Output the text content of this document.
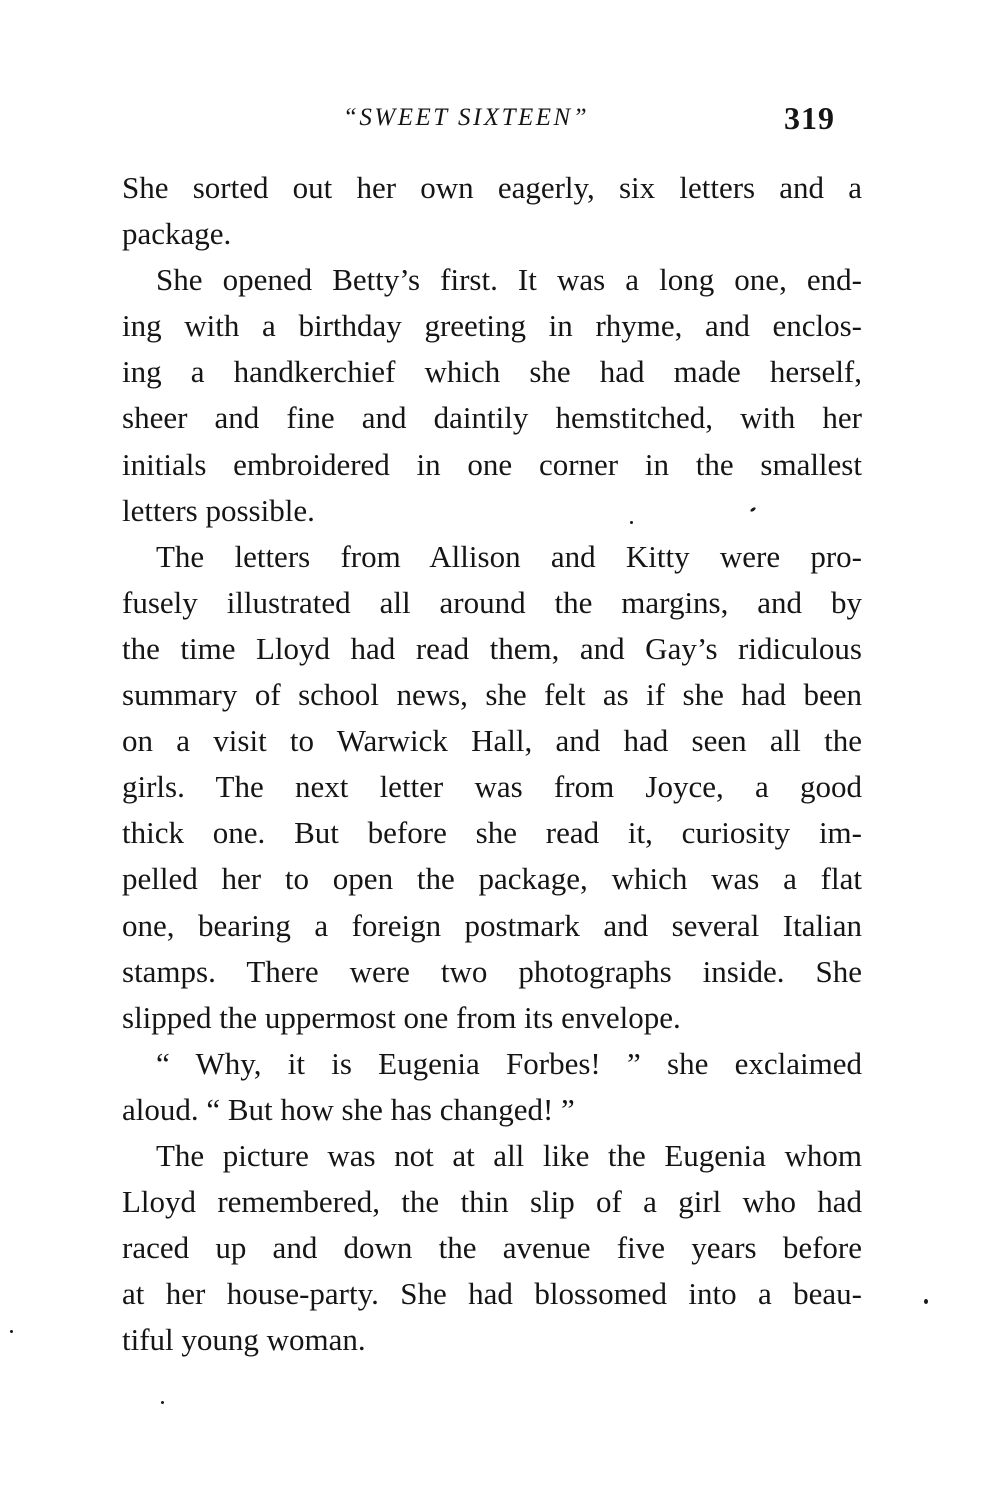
“SWEET SIXTEEN”	319
She sorted out her own eagerly, six letters and a
package.
She opened Betty’s first. It was a long one, end-
ing with a birthday greeting in rhyme, and enclos-
ing a handkerchief which she had made herself,
sheer and fine and daintily hemstitched, with her
initials embroidered in one corner in the smallest
letters possible.
The letters from Allison and Kitty were pro-
fusely illustrated all around the margins, and by
the time Lloyd had read them, and Gay’s ridiculous
summary of school news, she felt as if she had been
on a visit to Warwick Hall, and had seen all the
girls. The next letter was from Joyce, a good
thick one. But before she read it, curiosity im-
pelled her to open the package, which was a flat
one, bearing a foreign postmark and several Italian
stamps. There were two photographs inside. She
slipped the uppermost one from its envelope.
“ Why, it is Eugenia Forbes! ” she exclaimed
aloud. “ But how she has changed! ”
The picture was not at all like the Eugenia whom
Lloyd remembered, the thin slip of a girl who had
raced up and down the avenue five years before
at her house-party. She had blossomed into a beau-
tiful young woman.
